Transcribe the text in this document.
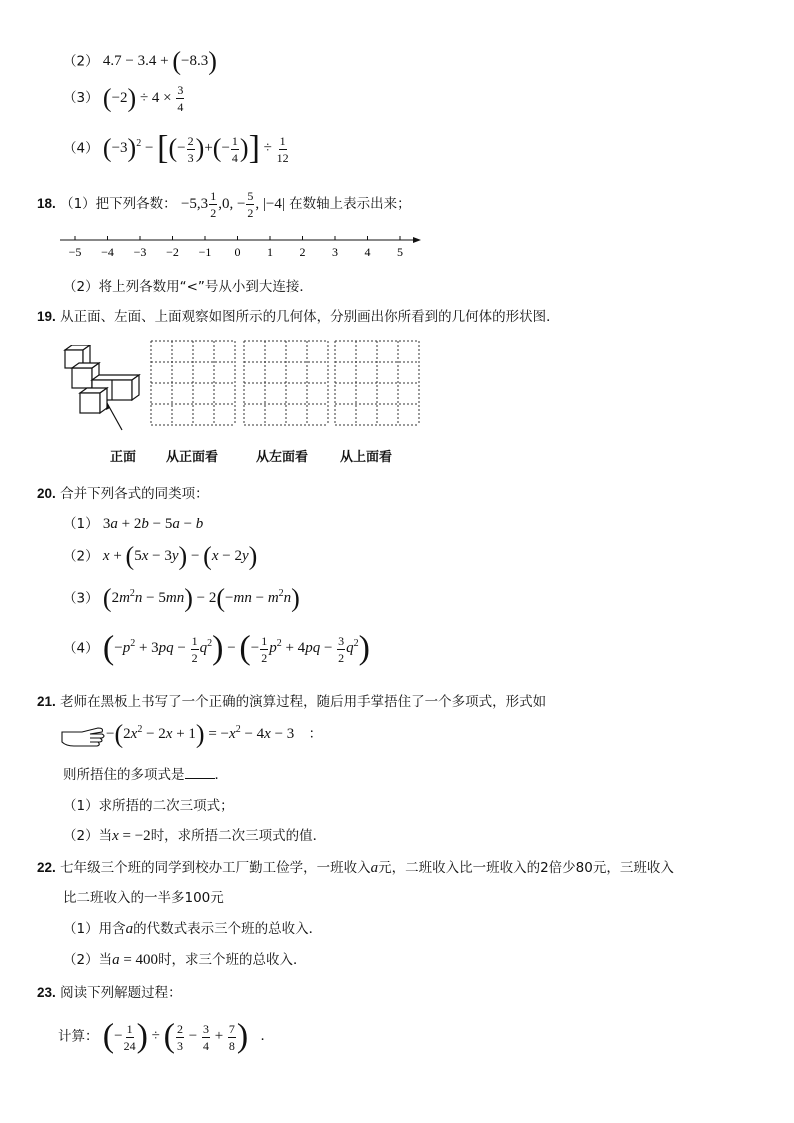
（2） 4.7 − 3.4 + (−8.3)
（3） $(-2) \div 4 \times \frac{3}{4}$
（4） $(-3)^2$ − [(− $\frac{2}{3}$ )+(− $\frac{1}{4}$ )] ÷ $\frac{1}{12}$
18. （1）把下列各数： $-5,3 \frac{1}{2} ,0$, − $\frac{5}{2}$ , |−4| 在数轴上表示出来；
−5 −4 −3 −2 −1 0 1 2 3 4 5
（2）将上列各数用“<”号从小到大连接．
19. 从正面、左面、上面观察如图所示的几何体，分别画出你所看到的几何体的形状图．
正面 从正面看	从左面看 从上面看
20. 合并下列各式的同类项：
（1） 3a + 2b − 5a − b
（2） x + (5x − 3y) − (x − 2y)
（3） $(2m^2n - 5mn) - 2(-mn - m^2n)$
（4） $(-p^2 + 3pq - \frac{1}{2} q^2)$ − (− $\frac{1}{2} p^2 + 4pq - \frac{3}{2} q^2$)
21. 老师在黑板上书写了一个正确的演算过程，随后用手掌捂住了一个多项式，形式如
$-(2x^2 - 2x + 1) = -x^2 - 4x - 3$ ：
则所捂住的多项式是 ．
（1）求所捂的二次三项式；
（2）当x = −2时，求所捂二次三项式的值．
22. 七年级三个班的同学到校办工厂勤工俭学，一班收入a元，二班收入比一班收入的2倍少80元，三班收入
比二班收入的一半多100元
（1）用含a的代数式表示三个班的总收入．
（2）当a = 400时，求三个班的总收入．
23. 阅读下列解题过程：
计算： (− $\frac{1}{24}$ ) ÷ ( $\frac{2}{3} - \frac{3}{4} + \frac{7}{8}$ ) ．
